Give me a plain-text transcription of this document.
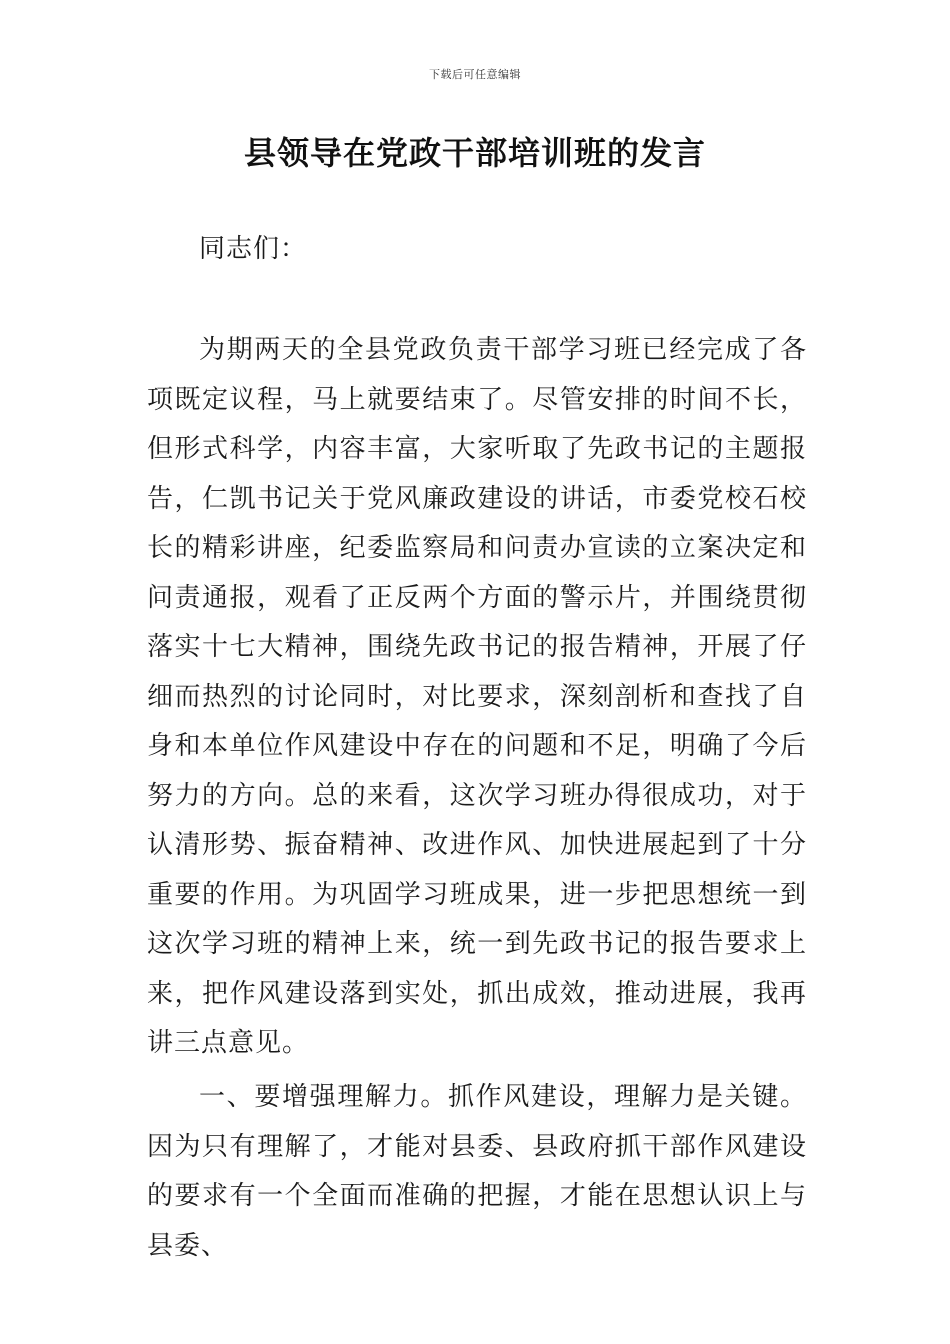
下载后可任意编辑
县领导在党政干部培训班的发言
同志们：
为期两天的全县党政负责干部学习班已经完成了各项既定议程，马上就要结束了。尽管安排的时间不长，但形式科学，内容丰富，大家听取了先政书记的主题报告，仁凯书记关于党风廉政建设的讲话，市委党校石校长的精彩讲座，纪委监察局和问责办宣读的立案决定和问责通报，观看了正反两个方面的警示片，并围绕贯彻落实十七大精神，围绕先政书记的报告精神，开展了仔细而热烈的讨论同时，对比要求，深刻剖析和查找了自身和本单位作风建设中存在的问题和不足，明确了今后努力的方向。总的来看，这次学习班办得很成功，对于认清形势、振奋精神、改进作风、加快进展起到了十分重要的作用。为巩固学习班成果，进一步把思想统一到这次学习班的精神上来，统一到先政书记的报告要求上来，把作风建设落到实处，抓出成效，推动进展，我再讲三点意见。
一、要增强理解力。抓作风建设，理解力是关键。因为只有理解了，才能对县委、县政府抓干部作风建设的要求有一个全面而准确的把握，才能在思想认识上与县委、
